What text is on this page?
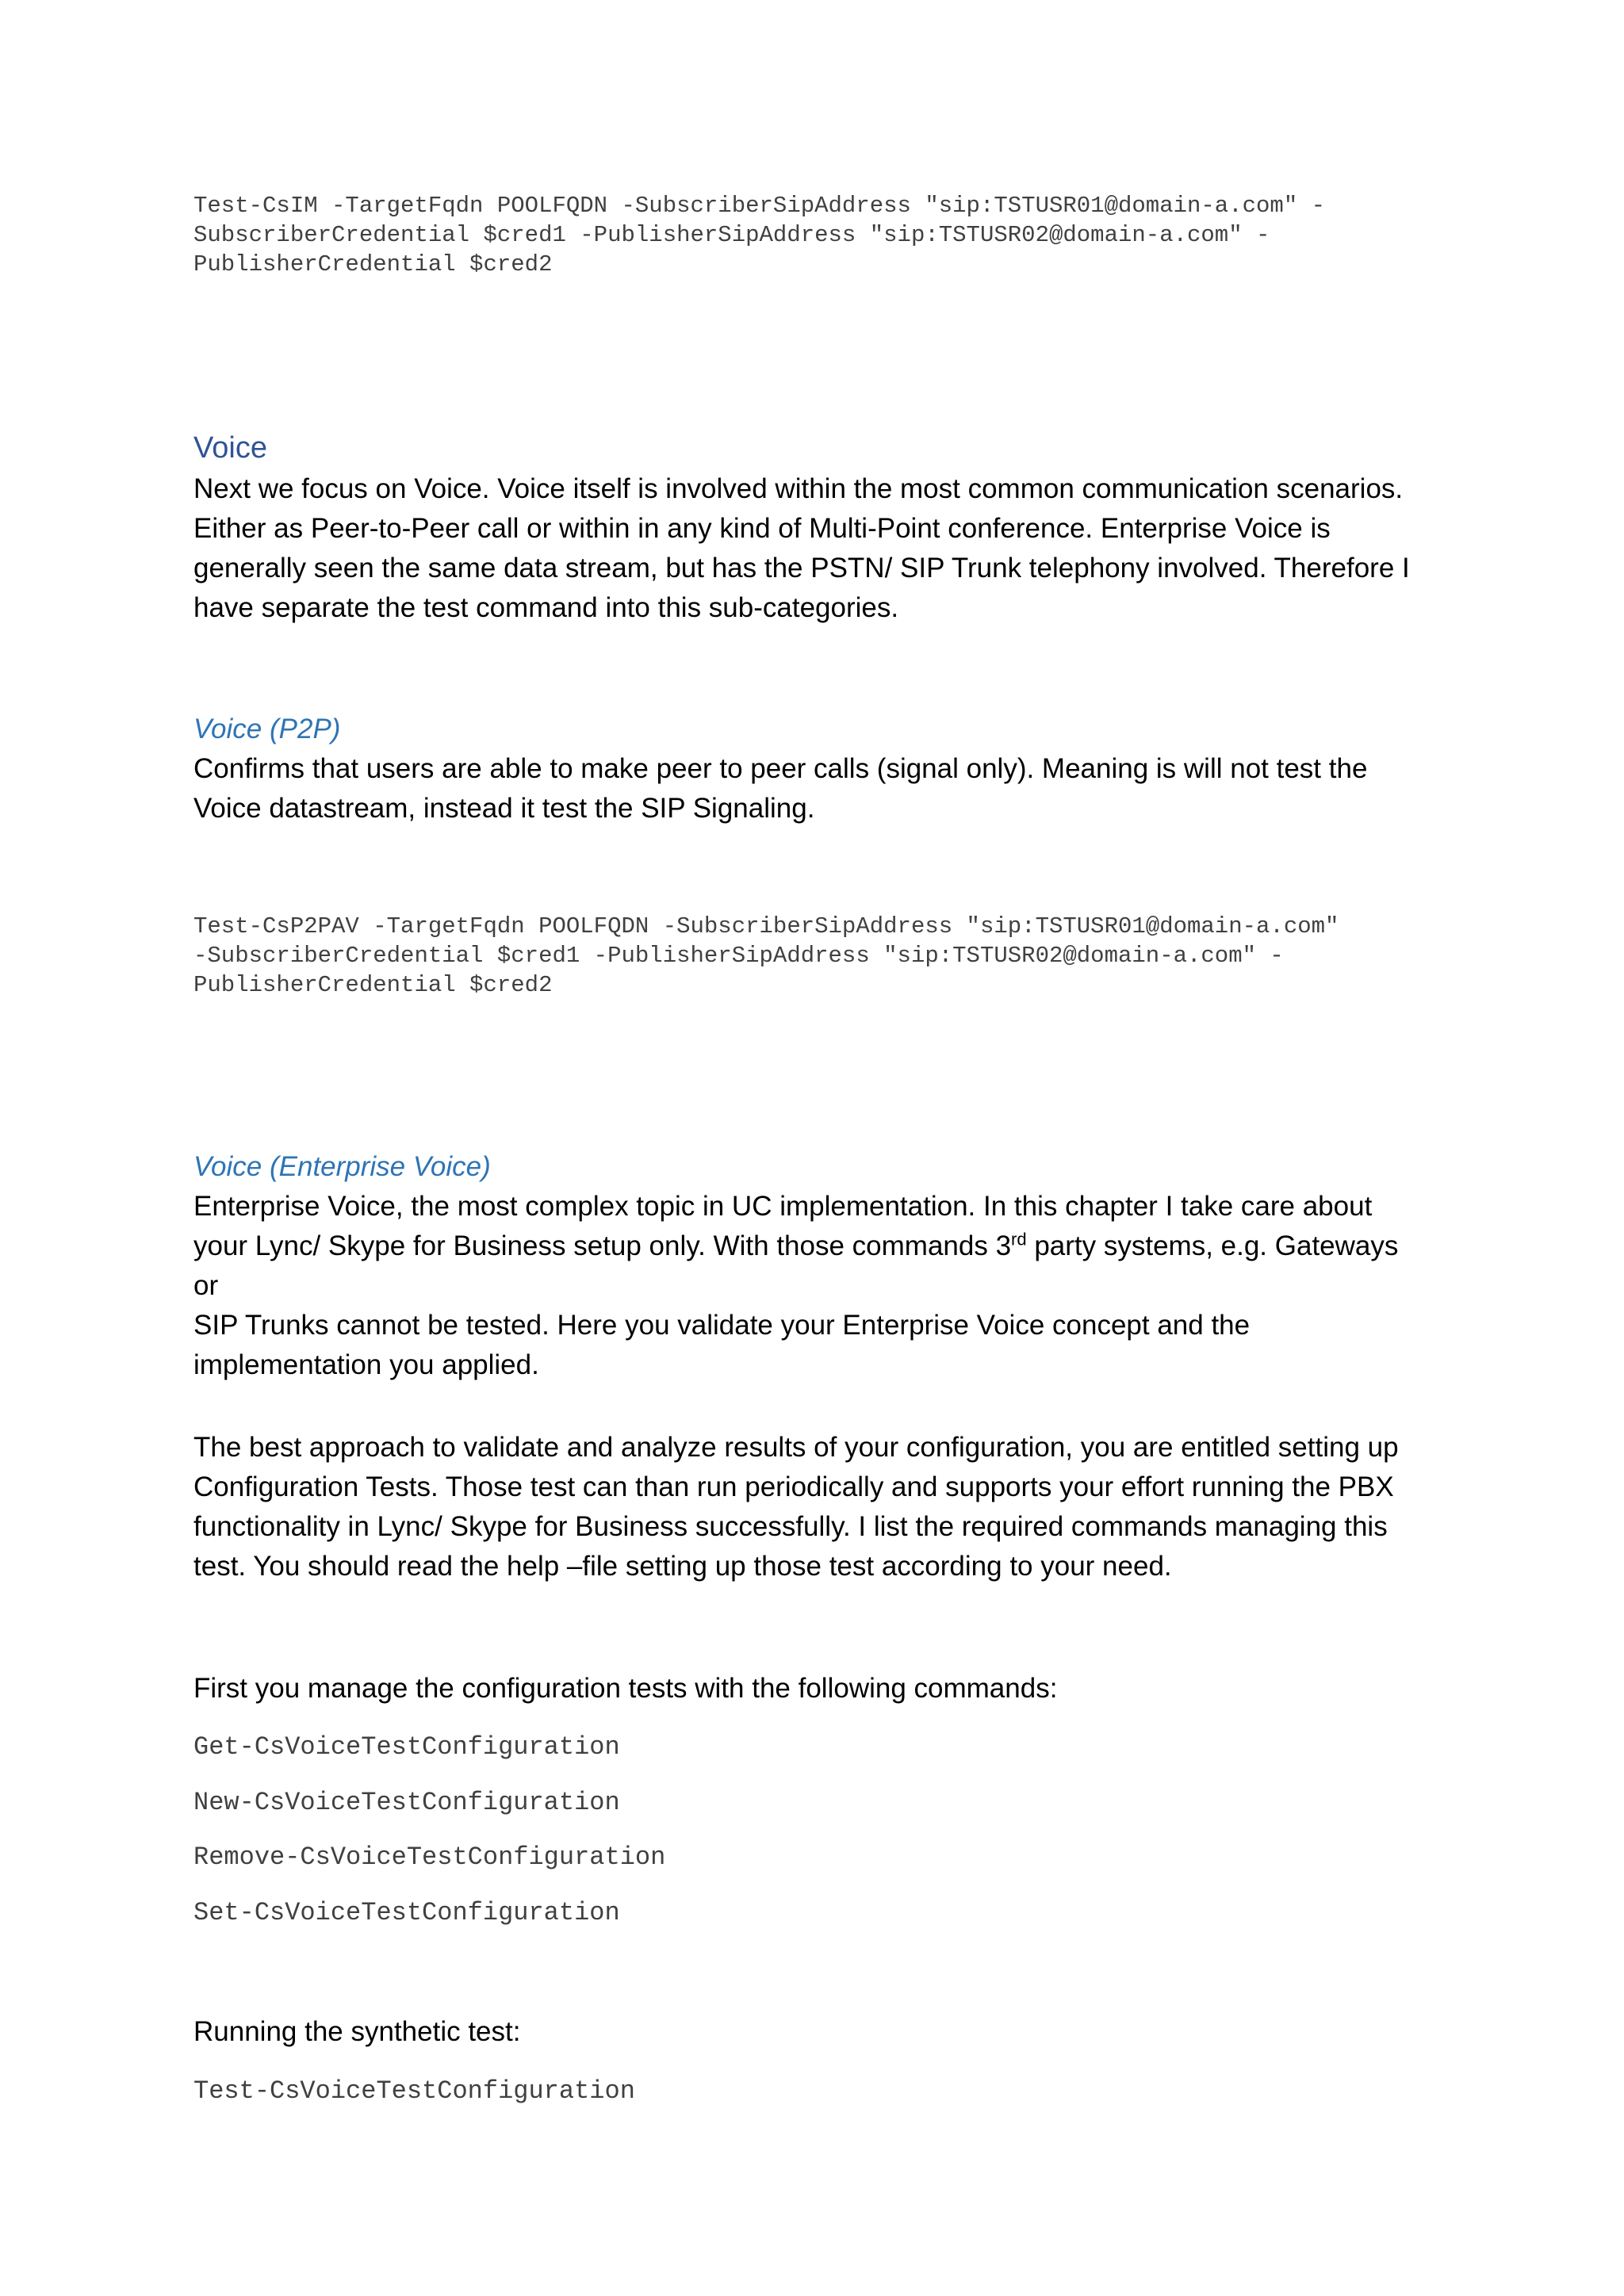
Test-CsIM -TargetFqdn POOLFQDN -SubscriberSipAddress "sip:TSTUSR01@domain-a.com" -
SubscriberCredential $cred1 -PublisherSipAddress "sip:TSTUSR02@domain-a.com" -
PublisherCredential $cred2
Voice
Next we focus on Voice. Voice itself is involved within the most common communication scenarios.
Either as Peer-to-Peer call or within in any kind of Multi-Point conference. Enterprise Voice is
generally seen the same data stream, but has the PSTN/ SIP Trunk telephony involved. Therefore I
have separate the test command into this sub-categories.
Voice (P2P)
Confirms that users are able to make peer to peer calls (signal only). Meaning is will not test the
Voice datastream, instead it test the SIP Signaling.
Test-CsP2PAV -TargetFqdn POOLFQDN -SubscriberSipAddress "sip:TSTUSR01@domain-a.com"
-SubscriberCredential $cred1 -PublisherSipAddress "sip:TSTUSR02@domain-a.com" -
PublisherCredential $cred2
Voice (Enterprise Voice)
Enterprise Voice, the most complex topic in UC implementation. In this chapter I take care about
your Lync/ Skype for Business setup only. With those commands 3rd party systems, e.g. Gateways or
SIP Trunks cannot be tested. Here you validate your Enterprise Voice concept and the
implementation you applied.
The best approach to validate and analyze results of your configuration, you are entitled setting up
Configuration Tests. Those test can than run periodically and supports your effort running the PBX
functionality in Lync/ Skype for Business successfully. I list the required commands managing this
test. You should read the help –file setting up those test according to your need.
First you manage the configuration tests with the following commands:
Get-CsVoiceTestConfiguration
New-CsVoiceTestConfiguration
Remove-CsVoiceTestConfiguration
Set-CsVoiceTestConfiguration
Running the synthetic test:
Test-CsVoiceTestConfiguration
